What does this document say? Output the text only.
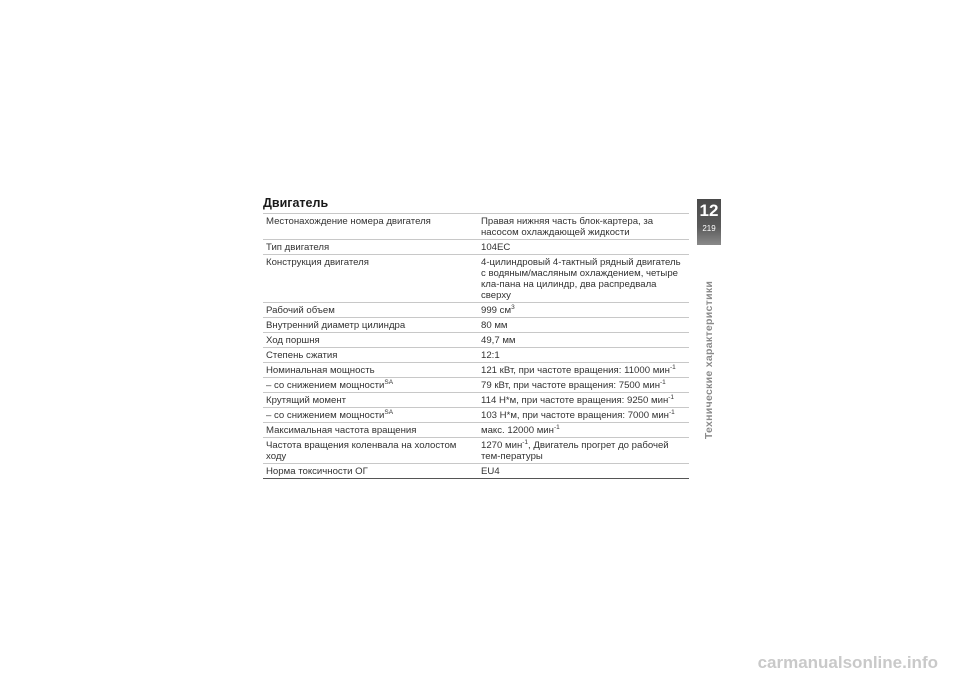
Двигатель
Местонахождение номера двигателя	Правая нижняя часть блок-картера, за насосом охлаждающей жидкости
Тип двигателя	104EC
Конструкция двигателя	4-цилиндровый 4-тактный рядный двигатель с водяным/масляным охлаждением, четыре кла-пана на цилиндр, два распредвала сверху
Рабочий объем	999 $см^3$
Внутренний диаметр цилиндра	80 мм
Ход поршня	49,7 мм
Степень сжатия	12:1
Номинальная мощность	121 кВт, при частоте вращения: 11000 мин$^{-1}$
– со снижением мощности$^{SA}$	79 кВт, при частоте вращения: 7500 мин$^{-1}$
Крутящий момент	114 Н*м, при частоте вращения: 9250 мин$^{-1}$
– со снижением мощности$^{SA}$	103 Н*м, при частоте вращения: 7000 мин$^{-1}$
Максимальная частота вращения	макс. 12000 мин$^{-1}$
Частота вращения коленвала на холостом ходу	1270 мин$^{-1}$, Двигатель прогрет до рабочей тем-пературы
Норма токсичности ОГ	EU4
12
219
Технические характеристики
carmanualsonline.info
